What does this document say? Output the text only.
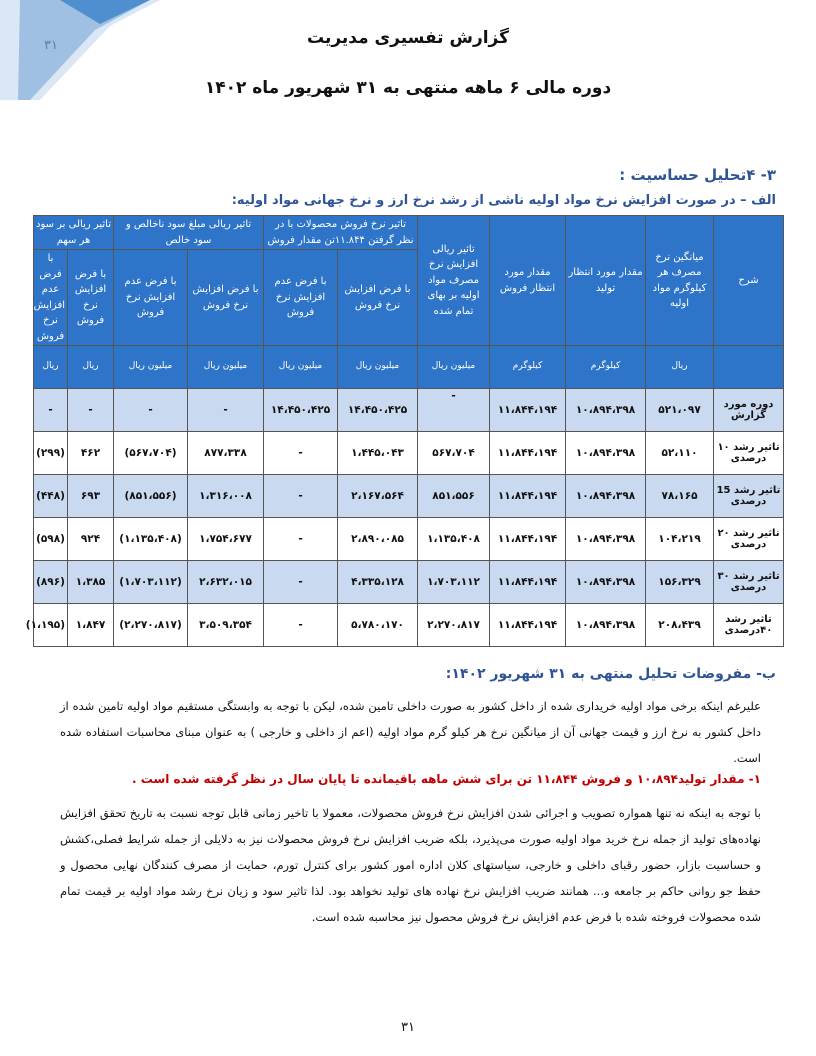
۳۱	گزارش تفسیری مدیریت
دوره مالی ۶ ماهه منتهی به ۳۱ شهریور ماه ۱۴۰۲
۳- ۴تحلیل حساسیت :
الف – در صورت افزایش نرخ مواد اولیه ناشی از رشد نرخ ارز و نرخ جهانی مواد اولیه:
شرح	میانگین نرخ مصرف هر کیلوگرم مواد اولیه	مقدار مورد انتظار تولید	مقدار مورد انتظار فروش	تاثیر ریالی افزایش نرخ مصرف مواد اولیه بر بهای تمام شده	تاثیر نرخ فروش محصولات با در نظر گرفتن ۱۱.۸۴۴تن مقدار فروش		تاثیر ریالی مبلغ سود ناخالص و سود خالص		تاثیر ریالی بر سود هر سهم	
					با فرض افزایش نرخ فروش	با فرض عدم افزایش نرخ فروش	با فرض افزایش نرخ فروش	با فرض عدم افزایش نرخ فروش	با فرض افزایش نرخ فروش	با فرض عدم افزایش نرخ فروش
	ریال	کیلوگرم	کیلوگرم	میلیون ریال	میلیون ریال	میلیون ریال	میلیون ریال	میلیون ریال	ریال	ریال
دوره مورد گزارش	۵۲۱،۰۹۷	۱۰،۸۹۴،۳۹۸	۱۱،۸۴۴،۱۹۴	-	۱۴،۴۵۰،۴۲۵	۱۴،۴۵۰،۴۲۵	-	-	-	-
تاثیر رشد ۱۰ درصدی	۵۲،۱۱۰	۱۰،۸۹۴،۳۹۸	۱۱،۸۴۴،۱۹۴	۵۶۷،۷۰۴	۱،۴۴۵،۰۴۳	-	۸۷۷،۳۳۸	(۵۶۷،۷۰۴)	۴۶۲	(۲۹۹)
تاثیر رشد 15 درصدی	۷۸،۱۶۵	۱۰،۸۹۴،۳۹۸	۱۱،۸۴۴،۱۹۴	۸۵۱،۵۵۶	۲،۱۶۷،۵۶۴	-	۱،۳۱۶،۰۰۸	(۸۵۱،۵۵۶)	۶۹۳	(۴۴۸)
تاثیر رشد ۲۰ درصدی	۱۰۴،۲۱۹	۱۰،۸۹۴،۳۹۸	۱۱،۸۴۴،۱۹۴	۱،۱۳۵،۴۰۸	۲،۸۹۰،۰۸۵	-	۱،۷۵۴،۶۷۷	(۱،۱۳۵،۴۰۸)	۹۲۴	(۵۹۸)
تاثیر رشد ۳۰ درصدی	۱۵۶،۳۲۹	۱۰،۸۹۴،۳۹۸	۱۱،۸۴۴،۱۹۴	۱،۷۰۳،۱۱۲	۴،۳۳۵،۱۲۸	-	۲،۶۳۲،۰۱۵	(۱،۷۰۳،۱۱۲)	۱،۳۸۵	(۸۹۶)
تاثیر رشد ۴۰درصدی	۲۰۸،۴۳۹	۱۰،۸۹۴،۳۹۸	۱۱،۸۴۴،۱۹۴	۲،۲۷۰،۸۱۷	۵،۷۸۰،۱۷۰	-	۳،۵۰۹،۳۵۴	(۲،۲۷۰،۸۱۷)	۱،۸۴۷	(۱،۱۹۵)
ب- مفروضات تحلیل منتهی به ۳۱ شهریور ۱۴۰۲:
علیرغم اینکه برخی مواد اولیه خریداری شده از داخل کشور به صورت داخلی تامین شده، لیکن با توجه به وابستگی مستقیم مواد اولیه تامین شده از داخل کشور به نرخ ارز و قیمت جهانی آن از میانگین نرخ هر کیلو گرم مواد اولیه (اعم از داخلی و خارجی ) به عنوان مبنای محاسبات استفاده شده است.
۱- مقدار تولید۱۰،۸۹۴ و فروش ۱۱،۸۴۴ تن برای شش ماهه باقیمانده تا پایان سال در نظر گرفته شده است .
با توجه به اینکه نه تنها همواره تصویب و اجرائی شدن افزایش نرخ فروش محصولات، معمولا با تاخیر زمانی قابل توجه نسبت به تاریخ تحقق افزایش نهاده‌های تولید از جمله نرخ خرید مواد اولیه صورت می‌پذیرد، بلکه ضریب افزایش نرخ فروش محصولات نیز به دلایلی از جمله شرایط فصلی،کشش و حساسیت بازار، حضور رقبای داخلی و خارجی، سیاستهای کلان اداره امور کشور برای کنترل تورم، حمایت از مصرف کنندگان نهایی محصول و حفظ جو روانی حاکم بر جامعه و... همانند ضریب افزایش نرخ نهاده های تولید نخواهد بود. لذا تاثیر سود و زیان نرخ رشد مواد اولیه بر قیمت تمام شده محصولات فروخته شده با فرض عدم افزایش نرخ فروش محصول نیز محاسبه شده است.
۳۱
